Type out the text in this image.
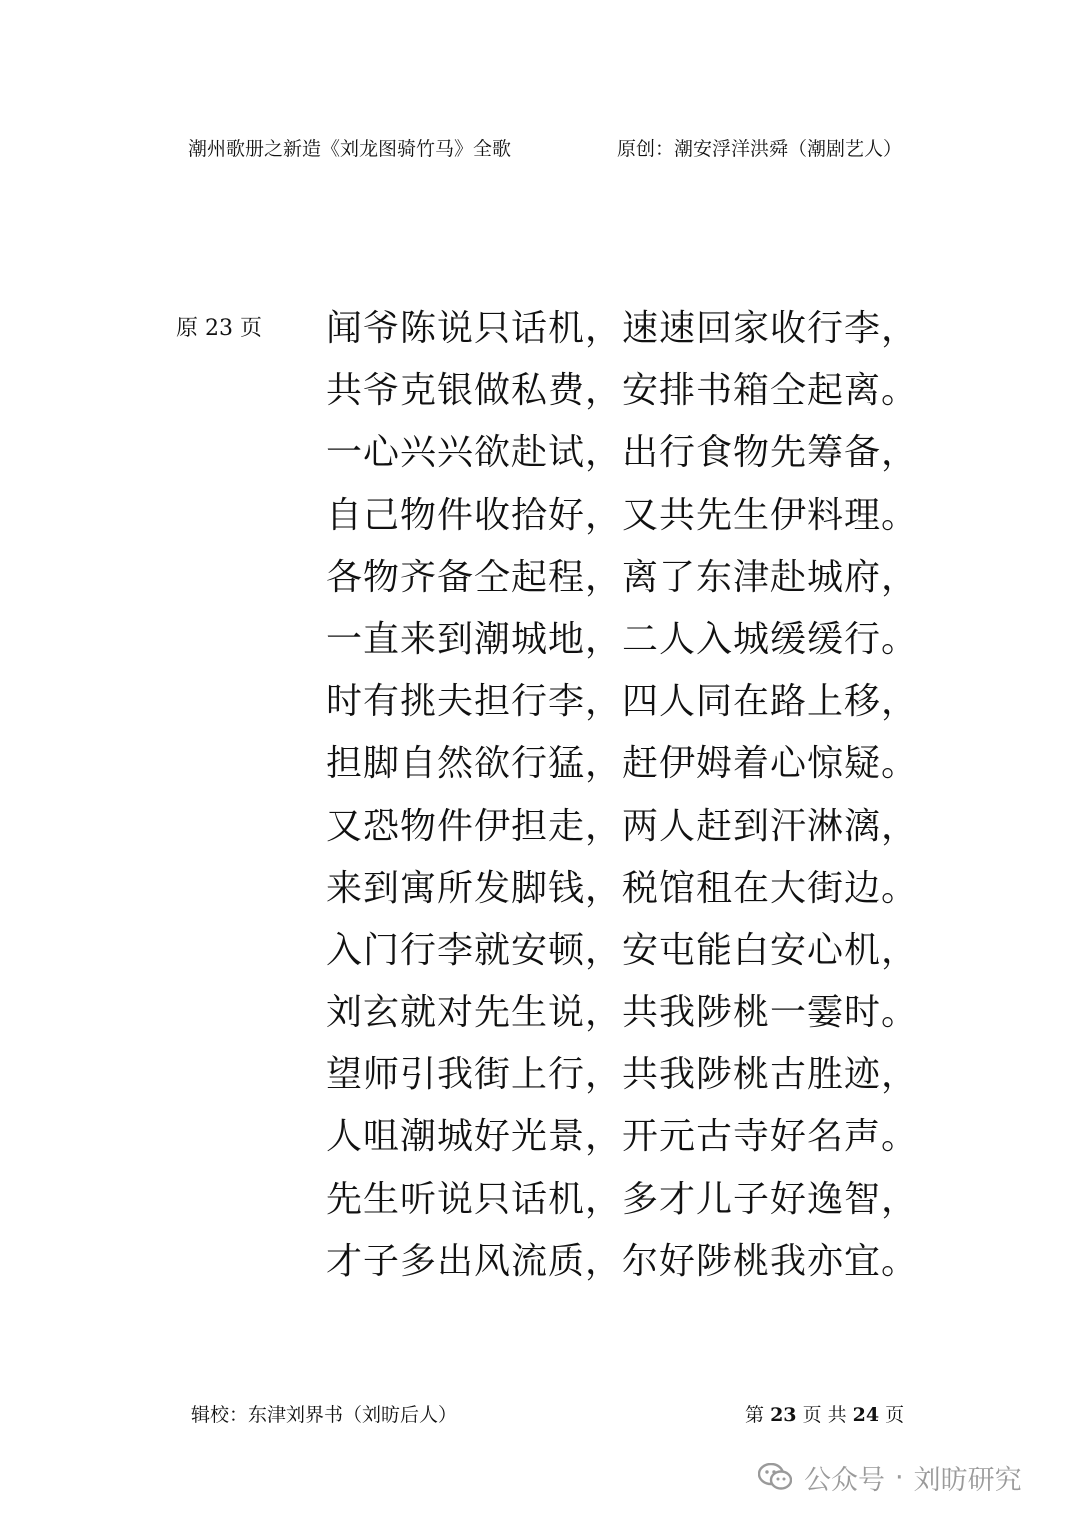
潮州歌册之新造《刘龙图骑竹马》全歌	原创：潮安浮洋洪舜（潮剧艺人）
原 23 页 闻爷陈说只话机，速速回家收行李，
共爷克银做私费，安排书箱仝起离。
一心兴兴欲赴试，出行食物先筹备，
自己物件收拾好，又共先生伊料理。
各物齐备仝起程，离了东津赴城府，
一直来到潮城地，二人入城缓缓行。
时有挑夫担行李，四人同在路上移，
担脚自然欲行猛，赶伊姆着心惊疑。
又恐物件伊担走，两人赶到汗淋漓，
来到寓所发脚钱，税馆租在大街边。
入门行李就安顿，安屯能白安心机，
刘玄就对先生说，共我陟桃一霎时。
望师引我街上行，共我陟桃古胜迹，
人咀潮城好光景，开元古寺好名声。
先生听说只话机，多才儿子好逸智，
才子多出风流质，尔好陟桃我亦宜。
辑校：东津刘界书（刘昉后人）	第 23 页 共 24 页
公众号 · 刘昉研究
